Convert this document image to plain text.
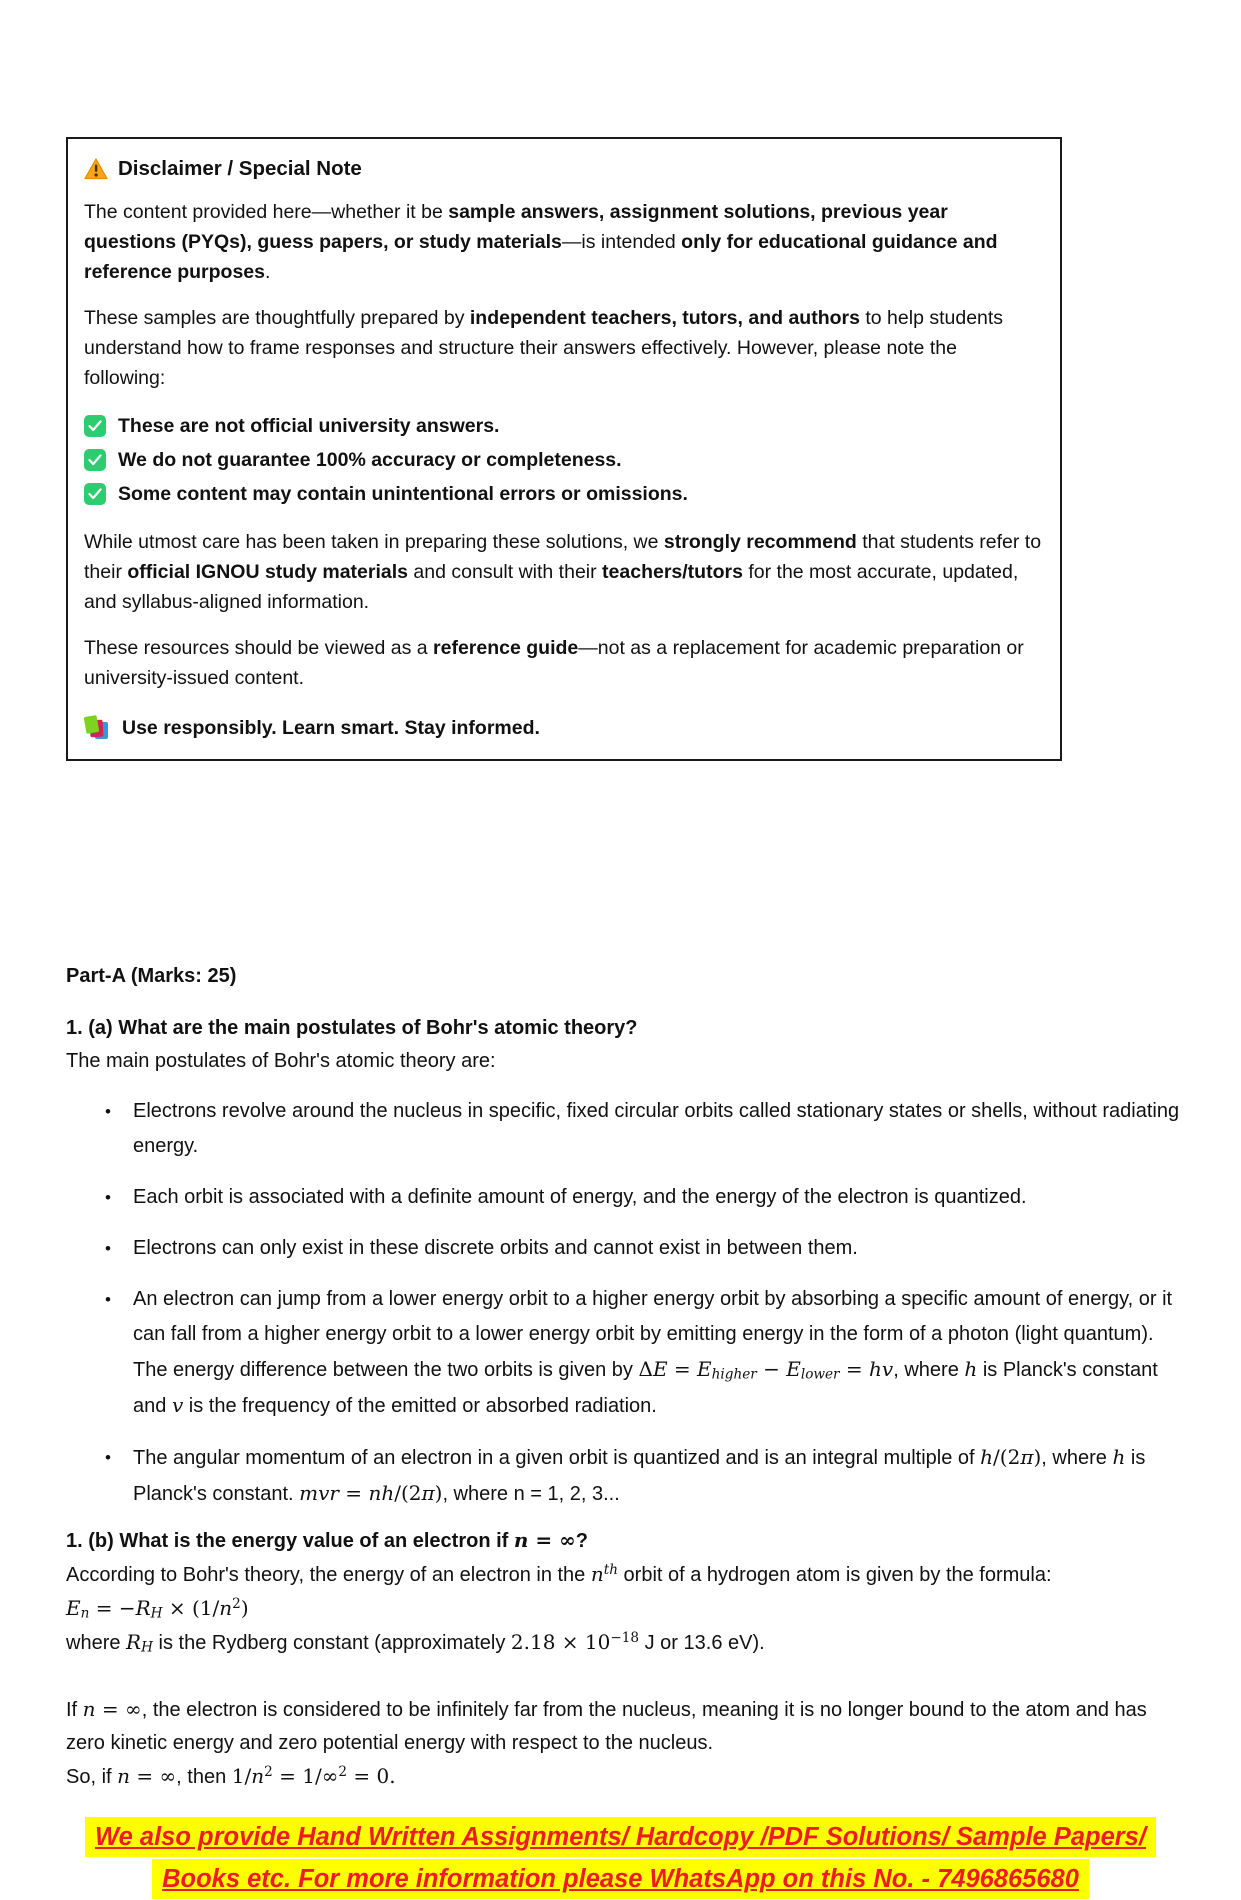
Disclaimer / Special Note

The content provided here—whether it be sample answers, assignment solutions, previous year questions (PYQs), guess papers, or study materials—is intended only for educational guidance and reference purposes.

These samples are thoughtfully prepared by independent teachers, tutors, and authors to help students understand how to frame responses and structure their answers effectively. However, please note the following:

These are not official university answers.
We do not guarantee 100% accuracy or completeness.
Some content may contain unintentional errors or omissions.

While utmost care has been taken in preparing these solutions, we strongly recommend that students refer to their official IGNOU study materials and consult with their teachers/tutors for the most accurate, updated, and syllabus-aligned information.

These resources should be viewed as a reference guide—not as a replacement for academic preparation or university-issued content.

Use responsibly. Learn smart. Stay informed.
Part-A (Marks: 25)
1. (a) What are the main postulates of Bohr's atomic theory?
The main postulates of Bohr's atomic theory are:
•	Electrons revolve around the nucleus in specific, fixed circular orbits called stationary states or shells, without radiating energy.
•	Each orbit is associated with a definite amount of energy, and the energy of the electron is quantized.
•	Electrons can only exist in these discrete orbits and cannot exist in between them.
•	An electron can jump from a lower energy orbit to a higher energy orbit by absorbing a specific amount of energy, or it can fall from a higher energy orbit to a lower energy orbit by emitting energy in the form of a photon (light quantum). The energy difference between the two orbits is given by $\Delta E = E_{higher} - E_{lower}$ = hv, where h is Planck's constant and v is the frequency of the emitted or absorbed radiation.
•	The angular momentum of an electron in a given orbit is quantized and is an integral multiple of h/(2π), where h is Planck's constant. mvr = nh/(2π), where n = 1, 2, 3...
1. (b) What is the energy value of an electron if n = ∞?
According to Bohr's theory, the energy of an electron in the $n^{th}$ orbit of a hydrogen atom is given by the formula:
$E_n = -R_H \times (1/n^2)$
where $R_H$ is the Rydberg constant (approximately $2.18 \times 10^{-18}$ J or 13.6 eV).
If n = ∞, the electron is considered to be infinitely far from the nucleus, meaning it is no longer bound to the atom and has zero kinetic energy and zero potential energy with respect to the nucleus.
So, if n = ∞, then $1/n^2 = 1/\infty^2 = 0$.
We also provide Hand Written Assignments/ Hardcopy /PDF Solutions/ Sample Papers/
Books etc. For more information please WhatsApp on this No. - 7496865680
